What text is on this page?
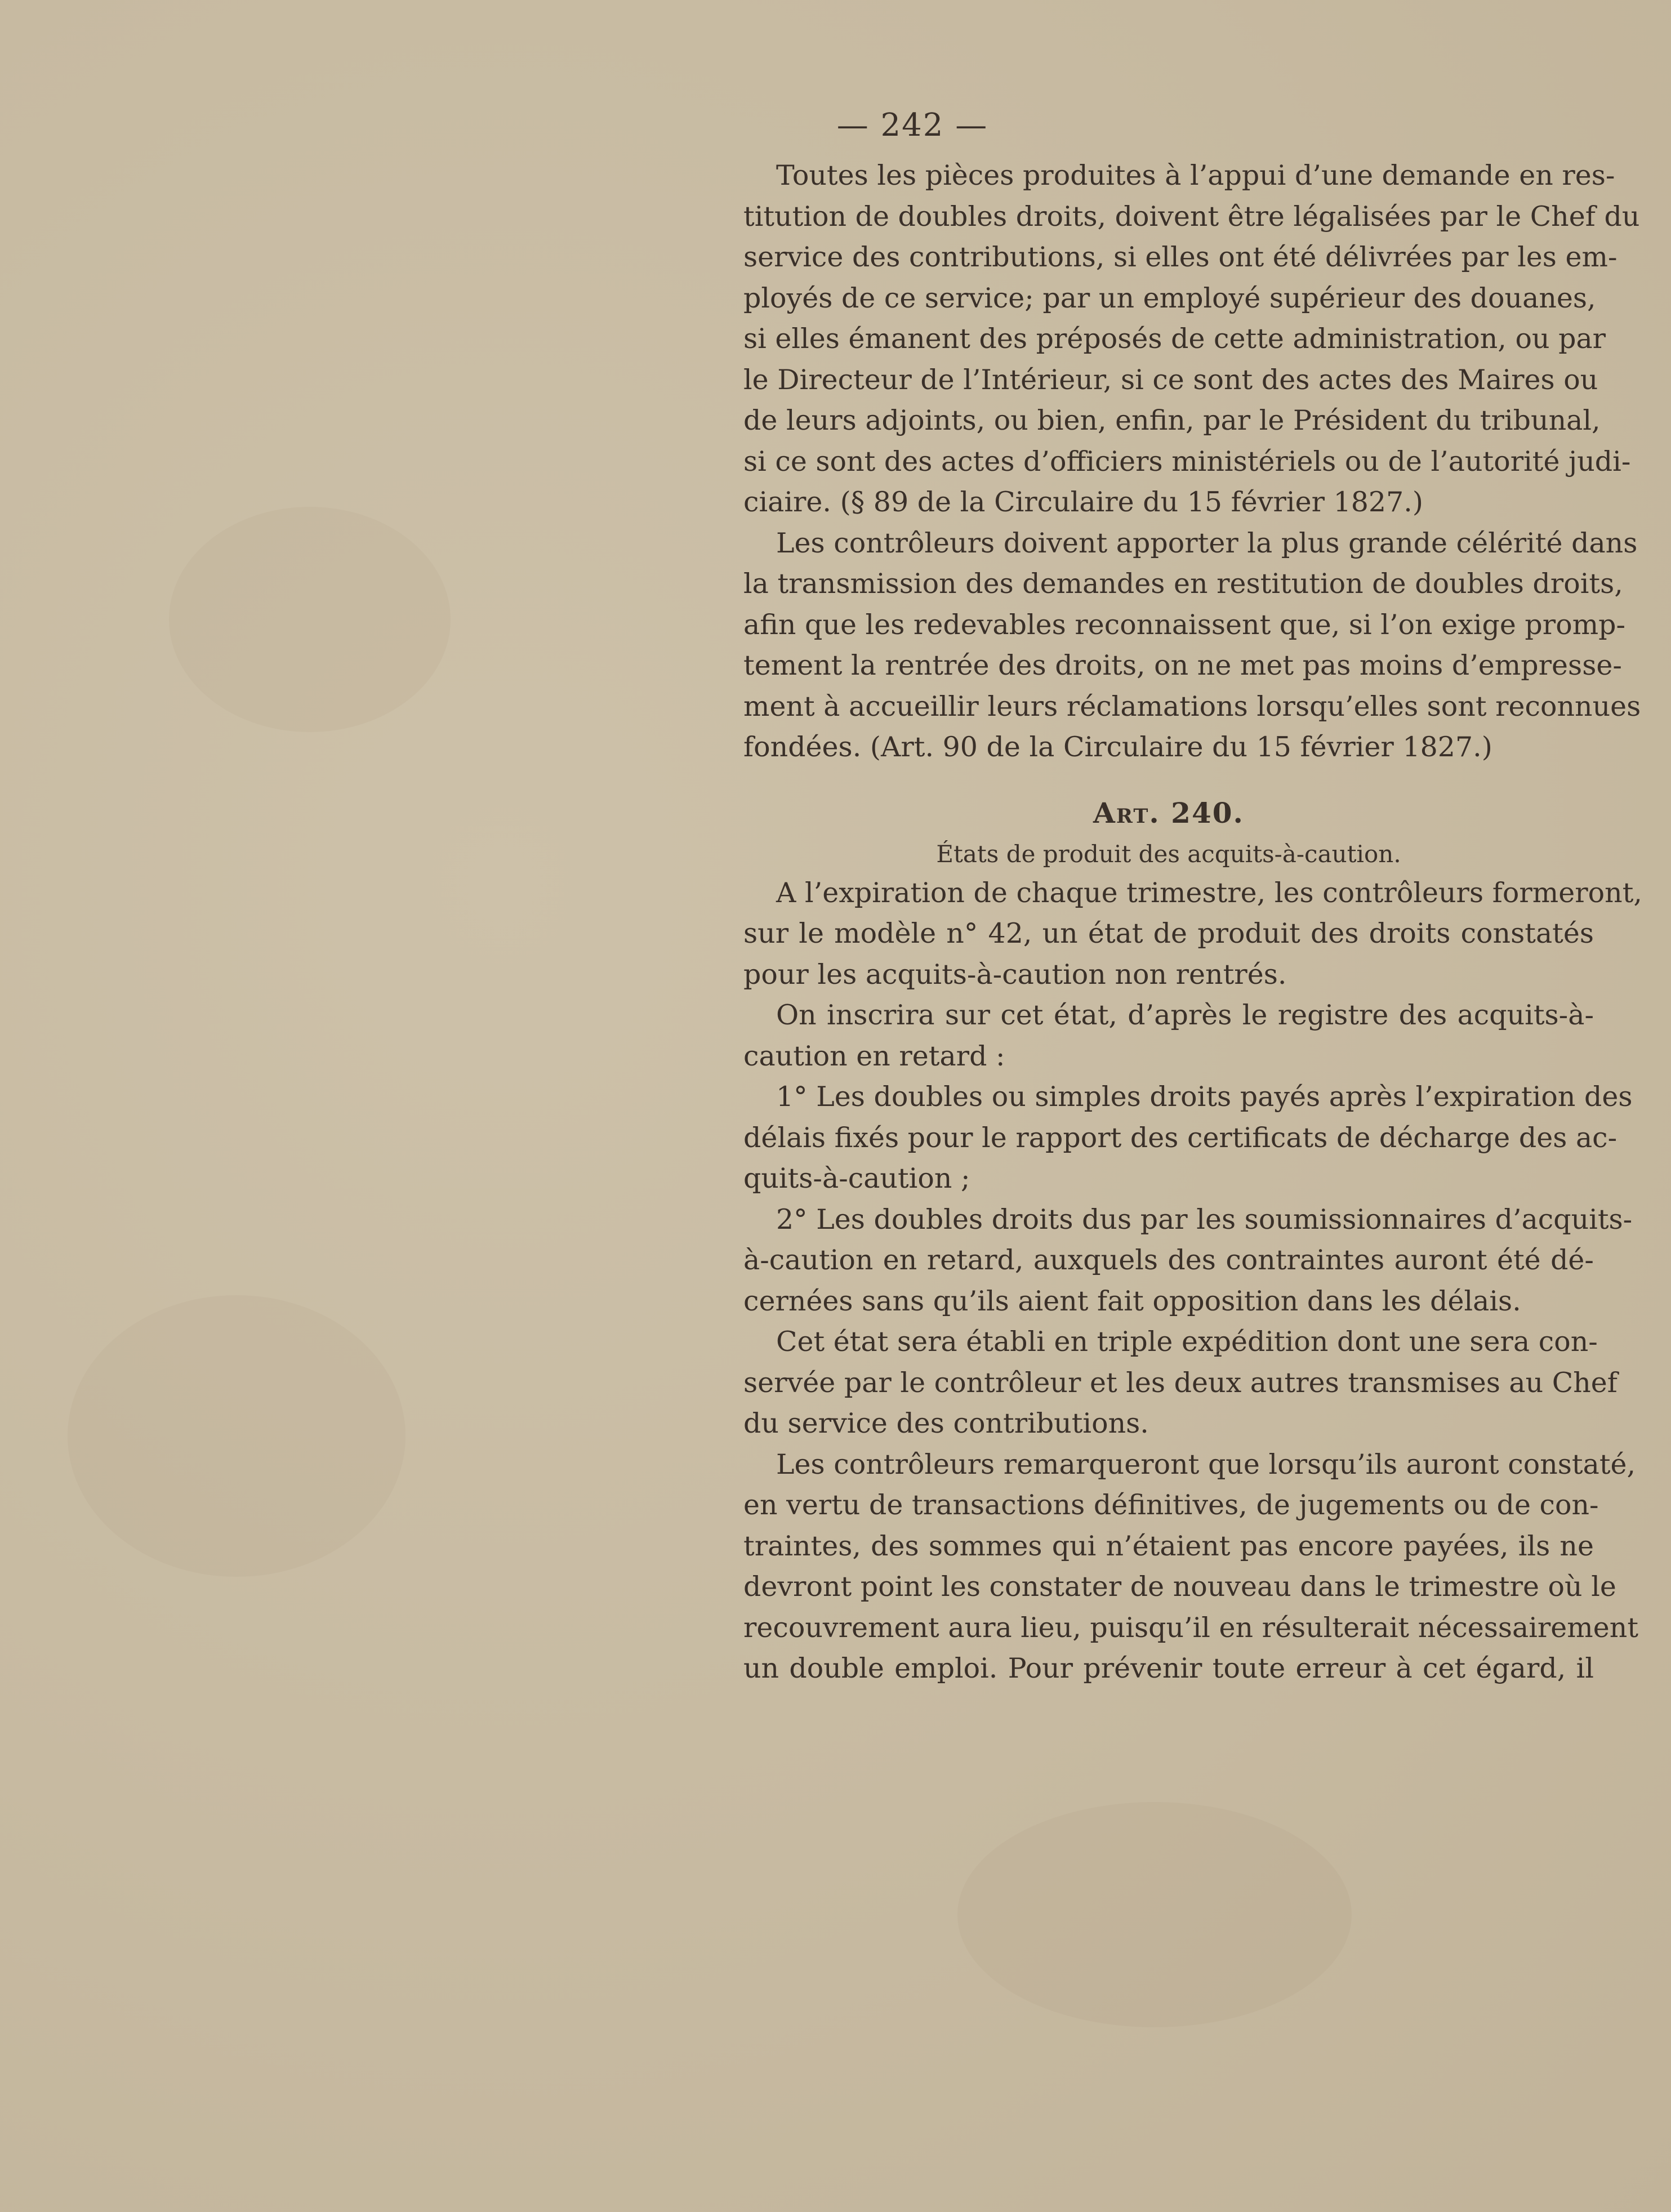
— 242 —
Toutes les pièces produites à l’appui d’une demande en res-
titution de doubles droits, doivent être légalisées par le Chef du
service des contributions, si elles ont été délivrées par les em-
ployés de ce service; par un employé supérieur des douanes,
si elles émanent des préposés de cette administration, ou par
le Directeur de l’Intérieur, si ce sont des actes des Maires ou
de leurs adjoints, ou bien, enfin, par le Président du tribunal,
si ce sont des actes d’officiers ministériels ou de l’autorité judi-
ciaire. (§ 89 de la Circulaire du 15 février 1827.)
Les contrôleurs doivent apporter la plus grande célérité dans
la transmission des demandes en restitution de doubles droits,
afin que les redevables reconnaissent que, si l’on exige promp-
tement la rentrée des droits, on ne met pas moins d’empresse-
ment à accueillir leurs réclamations lorsqu’elles sont reconnues
fondées. (Art. 90 de la Circulaire du 15 février 1827.)
Art. 240.
États de produit des acquits-à-caution.
A l’expiration de chaque trimestre, les contrôleurs formeront,
sur le modèle n° 42, un état de produit des droits constatés
pour les acquits-à-caution non rentrés.
On inscrira sur cet état, d’après le registre des acquits-à-
caution en retard :
1° Les doubles ou simples droits payés après l’expiration des
délais fixés pour le rapport des certificats de décharge des ac-
quits-à-caution ;
2° Les doubles droits dus par les soumissionnaires d’acquits-
à-caution en retard, auxquels des contraintes auront été dé-
cernées sans qu’ils aient fait opposition dans les délais.
Cet état sera établi en triple expédition dont une sera con-
servée par le contrôleur et les deux autres transmises au Chef
du service des contributions.
Les contrôleurs remarqueront que lorsqu’ils auront constaté,
en vertu de transactions définitives, de jugements ou de con-
traintes, des sommes qui n’étaient pas encore payées, ils ne
devront point les constater de nouveau dans le trimestre où le
recouvrement aura lieu, puisqu’il en résulterait nécessairement
un double emploi. Pour prévenir toute erreur à cet égard, il
